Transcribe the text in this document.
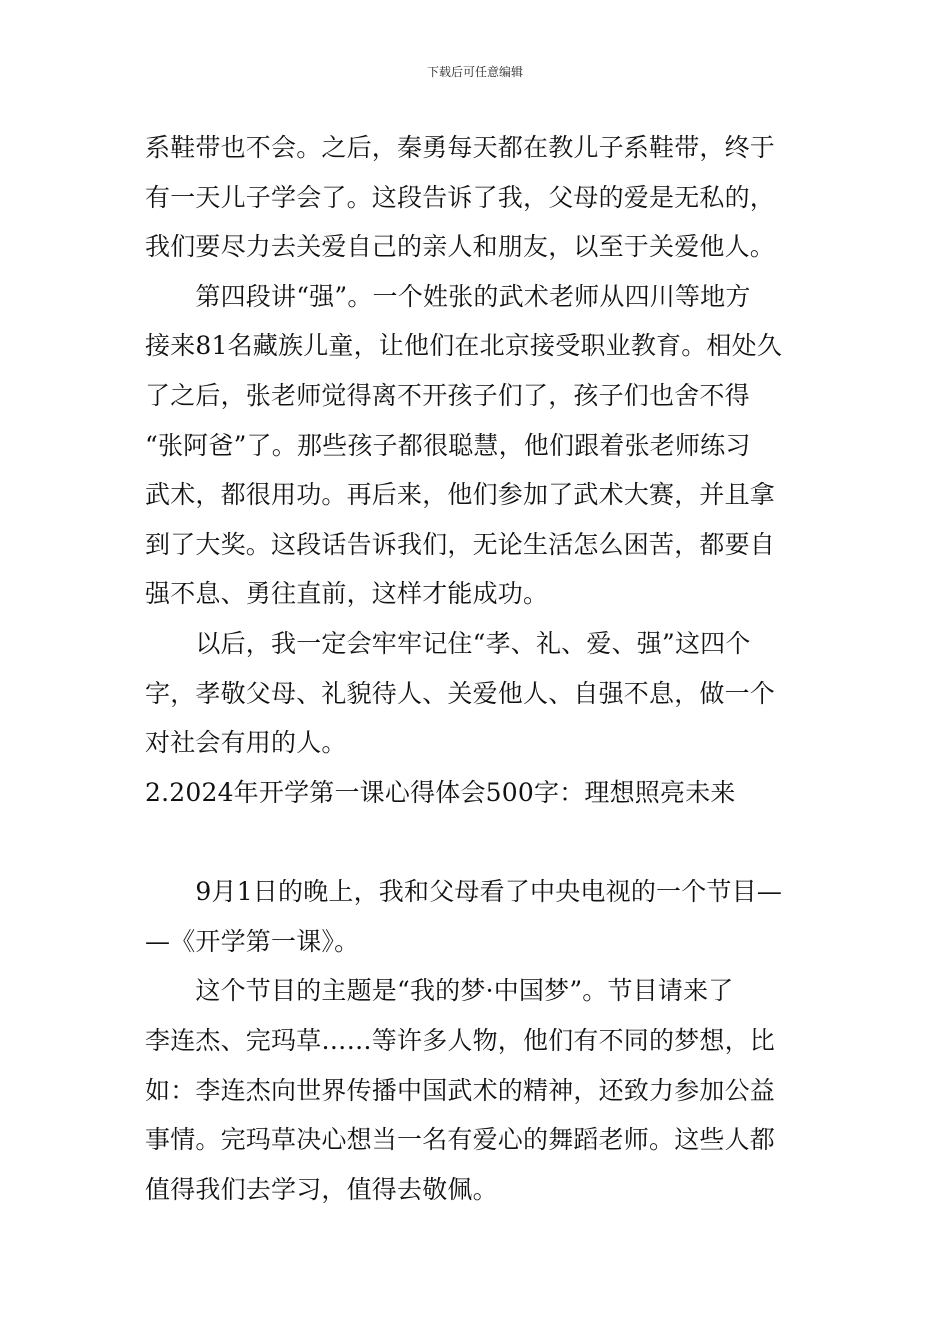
下载后可任意编辑
系鞋带也不会。之后，秦勇每天都在教儿子系鞋带，终于
有一天儿子学会了。这段告诉了我，父母的爱是无私的，
我们要尽力去关爱自己的亲人和朋友，以至于关爱他人。
　　第四段讲“强”。一个姓张的武术老师从四川等地方
接来81名藏族儿童，让他们在北京接受职业教育。相处久
了之后，张老师觉得离不开孩子们了，孩子们也舍不得
“张阿爸”了。那些孩子都很聪慧，他们跟着张老师练习
武术，都很用功。再后来，他们参加了武术大赛，并且拿
到了大奖。这段话告诉我们，无论生活怎么困苦，都要自
强不息、勇往直前，这样才能成功。
　　以后，我一定会牢牢记住“孝、礼、爱、强”这四个
字，孝敬父母、礼貌待人、关爱他人、自强不息，做一个
对社会有用的人。
2.2024年开学第一课心得体会500字：理想照亮未来
　　9月1日的晚上，我和父母看了中央电视的一个节目—
—《开学第一课》。
　　这个节目的主题是“我的梦·中国梦”。节目请来了
李连杰、完玛草……等许多人物，他们有不同的梦想，比
如：李连杰向世界传播中国武术的精神，还致力参加公益
事情。完玛草决心想当一名有爱心的舞蹈老师。这些人都
值得我们去学习，值得去敬佩。
